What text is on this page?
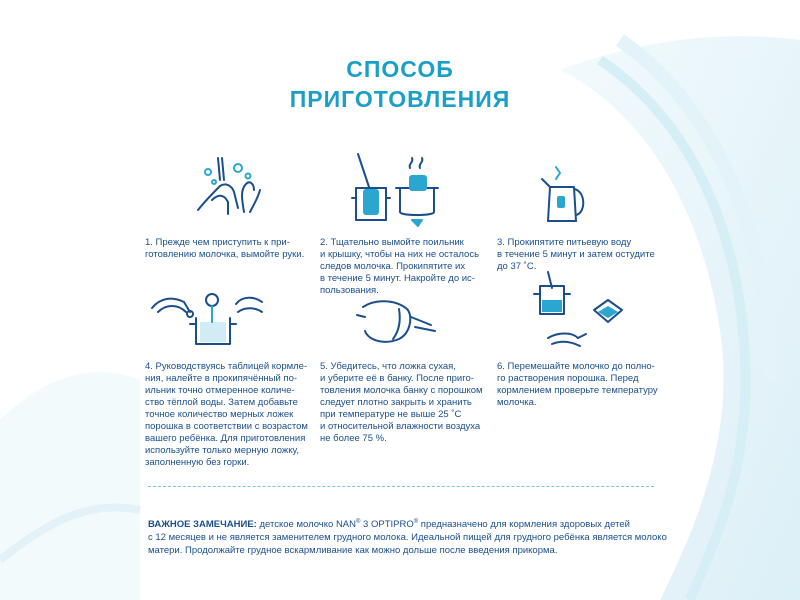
СПОСОБ
ПРИГОТОВЛЕНИЯ
1. Прежде чем приступить к при-
готовлению молочка, вымойте руки.
2. Тщательно вымойте поильник
и крышку, чтобы на них не осталось
следов молочка. Прокипятите их
в течение 5 минут. Накройте до ис-
пользования.
3. Прокипятите питьевую воду
в течение 5 минут и затем остудите
до 37 ˚С.
4. Руководствуясь таблицей кормле-
ния, налейте в прокипячённый по-
ильник точно отмеренное количе-
ство тёплой воды. Затем добавьте
точное количество мерных ложек
порошка в соответствии с возрастом
вашего ребёнка. Для приготовления
используйте только мерную ложку,
заполненную без горки.
5. Убедитесь, что ложка сухая,
и уберите её в банку. После приго-
товления молочка банку с порошком
следует плотно закрыть и хранить
при температуре не выше 25 ˚С
и относительной влажности воздуха
не более 75 %.
6. Перемешайте молочко до полно-
го растворения порошка. Перед
кормлением проверьте температуру
молочка.
ВАЖНОЕ ЗАМЕЧАНИЕ: детское молочко NAN® 3 OPTIPRO® предназначено для кормления здоровых детей
с 12 месяцев и не является заменителем грудного молока. Идеальной пищей для грудного ребёнка является молоко
матери. Продолжайте грудное вскармливание как можно дольше после введения прикорма.
